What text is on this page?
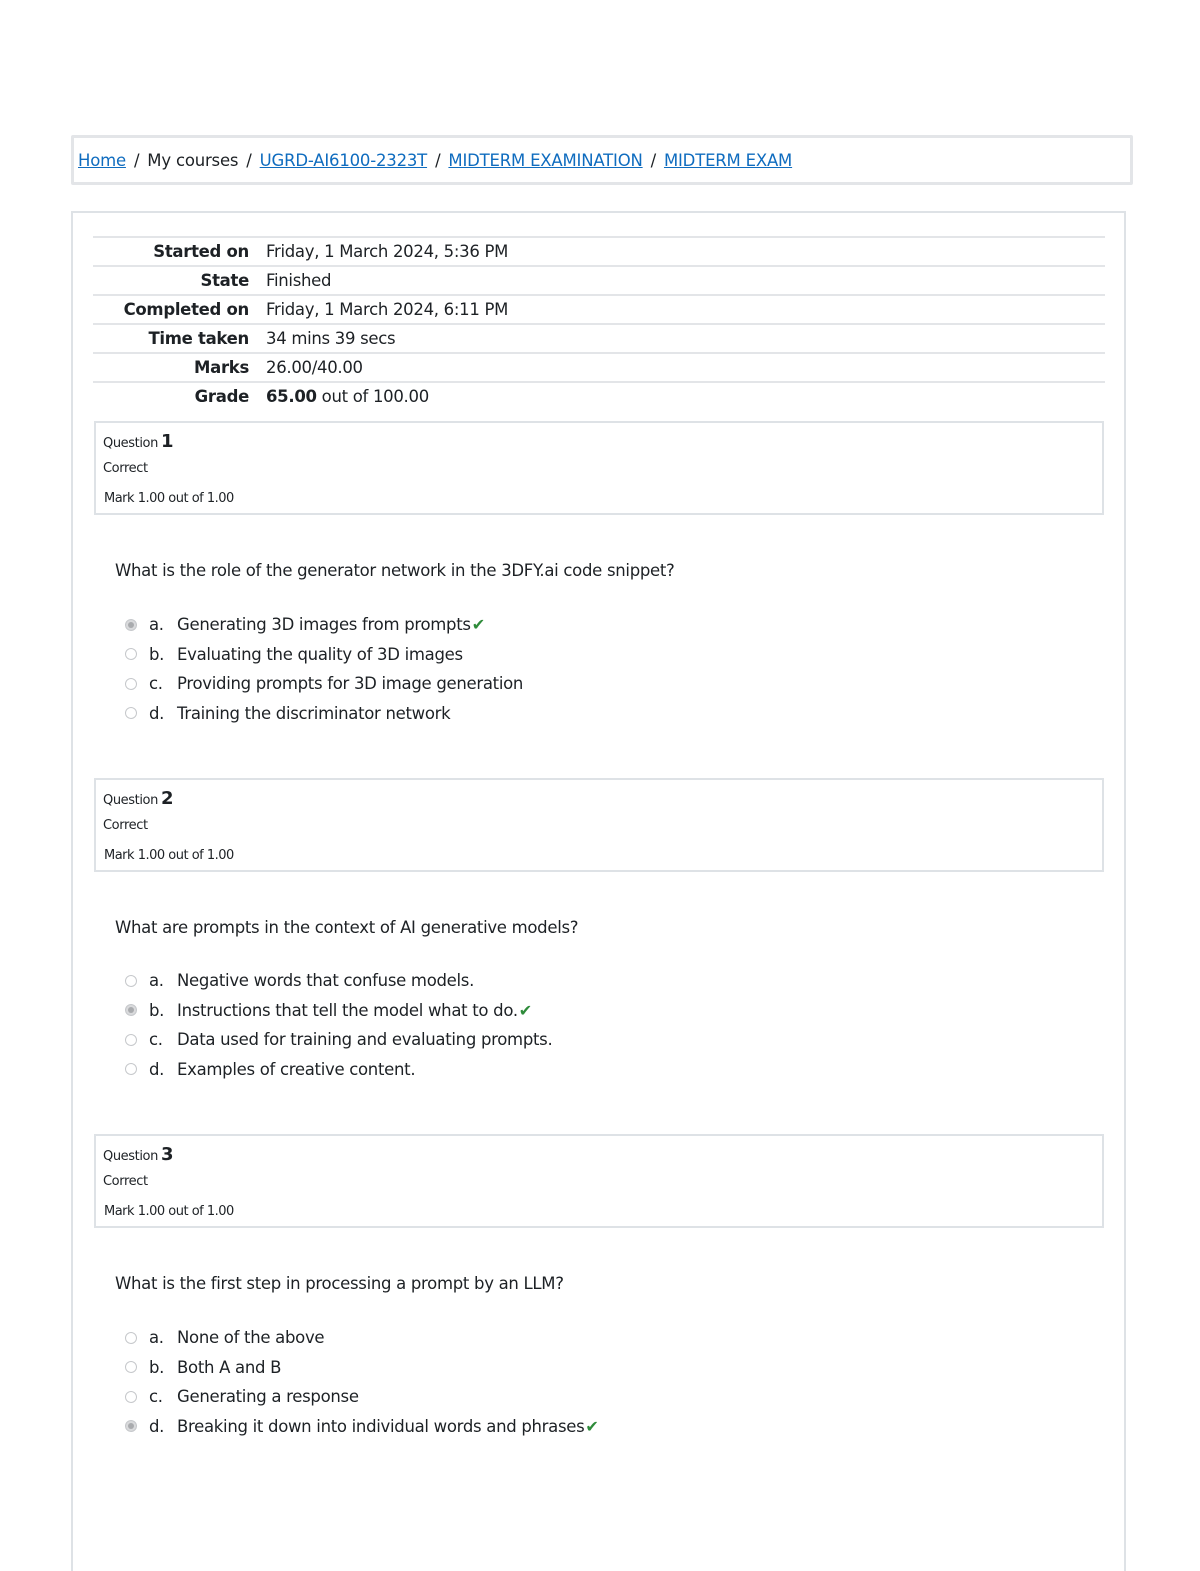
Home / My courses / UGRD-AI6100-2323T / MIDTERM EXAMINATION / MIDTERM EXAM
Started on Friday, 1 March 2024, 5:36 PM
State Finished
Completed on Friday, 1 March 2024, 6:11 PM
Time taken 34 mins 39 secs
Marks 26.00/40.00
Grade 65.00 out of 100.00
Question 1
Correct
Mark 1.00 out of 1.00
What is the role of the generator network in the 3DFY.ai code snippet?
a. Generating 3D images from prompts ✔
b. Evaluating the quality of 3D images
c. Providing prompts for 3D image generation
d. Training the discriminator network
Question 2
Correct
Mark 1.00 out of 1.00
What are prompts in the context of AI generative models?
a. Negative words that confuse models.
b. Instructions that tell the model what to do. ✔
c. Data used for training and evaluating prompts.
d. Examples of creative content.
Question 3
Correct
Mark 1.00 out of 1.00
What is the first step in processing a prompt by an LLM?
a. None of the above
b. Both A and B
c. Generating a response
d. Breaking it down into individual words and phrases ✔
